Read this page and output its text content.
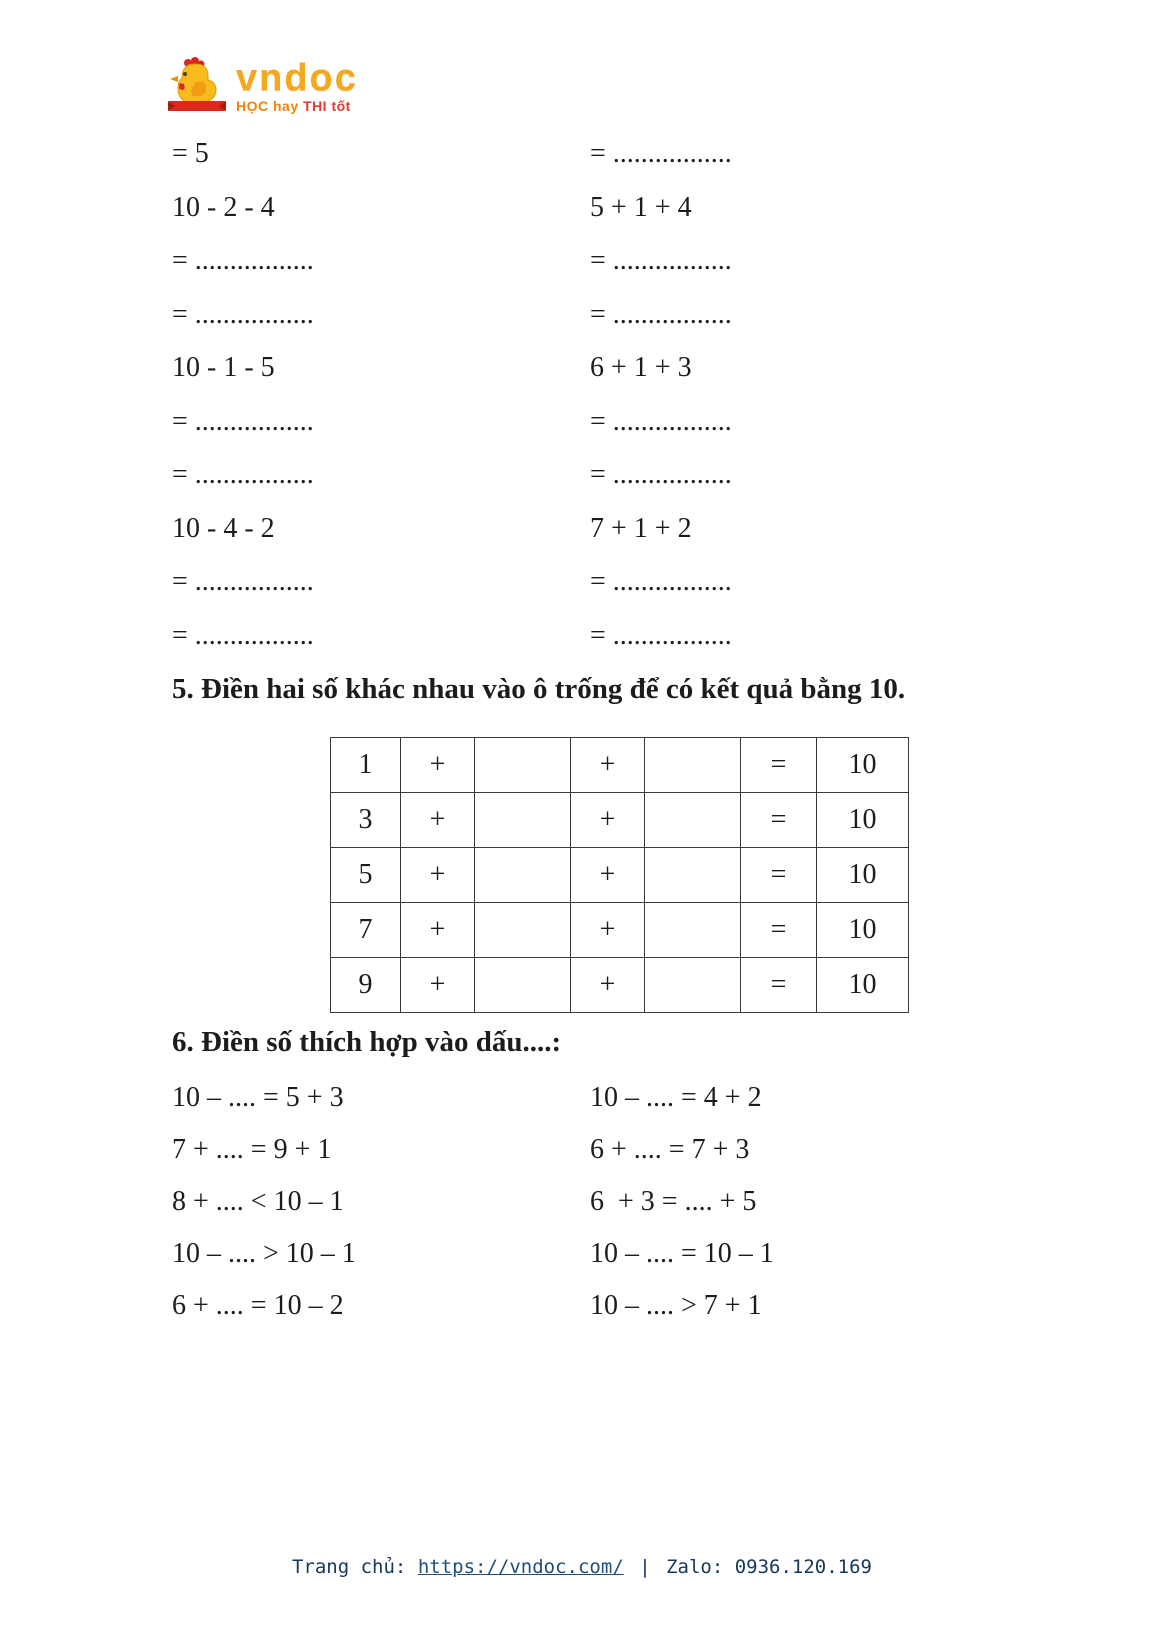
vndoc
HỌC hay THI tốt
= 5	= .................
10 - 2 - 4	5 + 1 + 4
= .................	= .................
= .................	= .................
10 - 1 - 5	6 + 1 + 3
= .................	= .................
= .................	= .................
10 - 4 - 2	7 + 1 + 2
= .................	= .................
= .................	= .................
5. Điền hai số khác nhau vào ô trống để có kết quả bằng 10.
1	+		+		=	10
3	+		+		=	10
5	+		+		=	10
7	+		+		=	10
9	+		+		=	10
6. Điền số thích hợp vào dấu....:
10 – .... = 5 + 3	10 – .... = 4 + 2
7 + .... = 9 + 1	6 + .... = 7 + 3
8 + .... < 10 – 1	6  + 3 = .... + 5
10 – .... > 10 – 1	10 – .... = 10 – 1
6 + .... = 10 – 2	10 – .... > 7 + 1
Trang chủ: https://vndoc.com/ | Zalo: 0936.120.169
